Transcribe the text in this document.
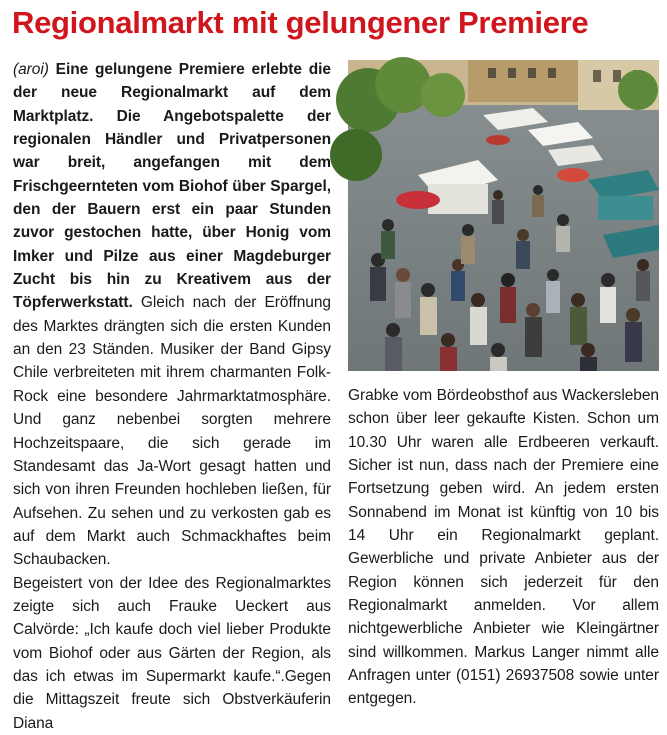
Regionalmarkt mit gelungener Premiere

(aroi) Eine gelungene Premiere erlebte die der neue Regionalmarkt auf dem Marktplatz. Die Angebotspalette der regionalen Händler und Privatpersonen war breit, angefangen mit dem Frischgeernteten vom Biohof über Spargel, den der Bauern erst ein paar Stunden zuvor gestochen hatte, über Honig vom Imker und Pilze aus einer Magdeburger Zucht bis hin zu Kreativem aus der Töpferwerkstatt. Gleich nach der Eröffnung des Marktes drängten sich die ersten Kunden an den 23 Ständen. Musiker der Band Gipsy Chile verbreiteten mit ihrem charmanten Folk-Rock eine besondere Jahrmarktatmosphäre. Und ganz nebenbei sorgten mehrere Hochzeitspaare, die sich gerade im Standesamt das Ja-Wort gesagt hatten und sich von ihren Freunden hochleben ließen, für Aufsehen. Zu sehen und zu verkosten gab es auf dem Markt auch Schmackhaftes beim Schaubacken.

Begeistert von der Idee des Regionalmarktes zeigte sich auch Frauke Ueckert aus Calvörde: „Ich kaufe doch viel lieber Produkte vom Biohof oder aus Gärten der Region, als das ich etwas im Supermarkt kaufe.“.Gegen die Mittagszeit freute sich Obstverkäuferin Diana

Grabke vom Bördeobsthof aus Wackersleben schon über leer gekaufte Kisten. Schon um 10.30 Uhr waren alle Erdbeeren verkauft. Sicher ist nun, dass nach der Premiere eine Fortsetzung geben wird. An jedem ersten Sonnabend im Monat ist künftig von 10 bis 14 Uhr ein Regionalmarkt geplant. Gewerbliche und private Anbieter aus der Region können sich jederzeit für den Regionalmarkt anmelden. Vor allem nichtgewerbliche Anbieter wie Kleingärtner sind willkommen. Markus Langer nimmt alle Anfragen unter (0151) 26937508 sowie unter entgegen.
